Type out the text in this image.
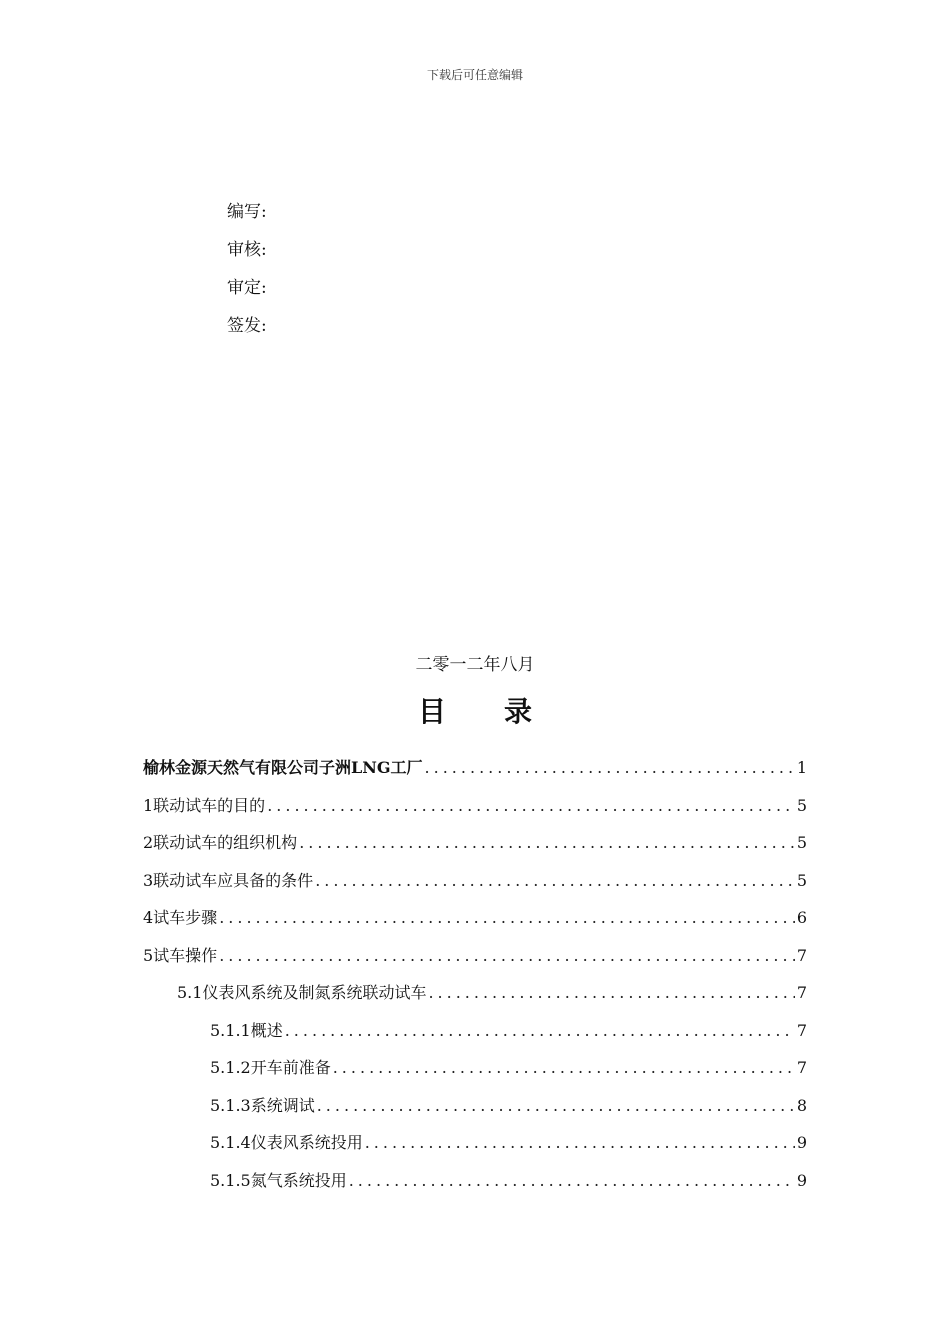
下载后可任意编辑
编写:
审核:
审定:
签发:
二零一二年八月
目录
榆林金源天然气有限公司子洲LNG工厂 .....	1
1联动试车的目的 .....	5
2联动试车的组织机构 .....	5
3联动试车应具备的条件 .....	5
4试车步骤 .....	6
5试车操作 .....	7
5.1仪表风系统及制氮系统联动试车 .....	7
5.1.1概述 .....	7
5.1.2开车前准备 .....	7
5.1.3系统调试 .....	8
5.1.4仪表风系统投用 .....	9
5.1.5氮气系统投用 .....	9
